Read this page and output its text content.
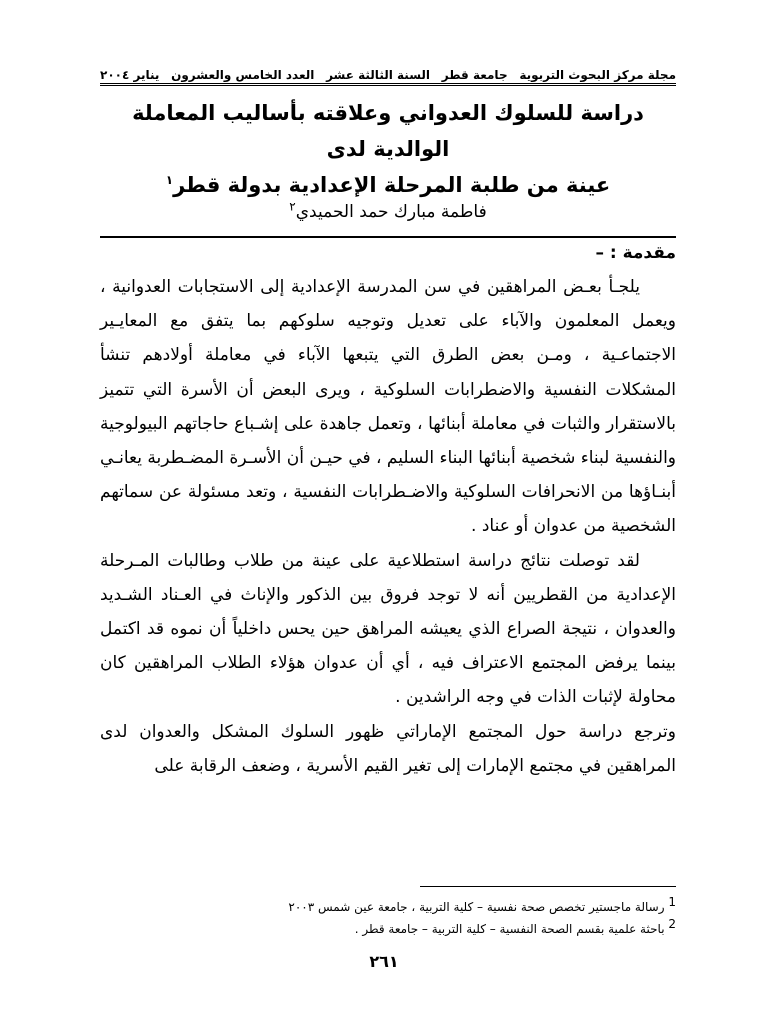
مجلة مركز البحوث التربوية
جامعة قطر
السنة الثالثة عشر
العدد الخامس والعشرون
يناير ٢٠٠٤
دراسة للسلوك العدواني وعلاقته بأساليب المعاملة الوالدية لدى
عينة من طلبة المرحلة الإعدادية بدولة قطر$^١$
فاطمة مبارك حمد الحميدي$^٢$
مقدمة : –

يلجـأ بعـض المراهقين في سن المدرسة الإعدادية إلى الاستجابات العدوانية ، ويعمل المعلمون والآباء على تعديل وتوجيه سلوكهم بما يتفق مع المعايـير الاجتماعـية ، ومـن بعض الطرق التي يتبعها الآباء في معاملة أولادهم تنشأ المشكلات النفسية والاضطرابات السلوكية ، ويرى البعض أن الأسرة التي تتميز بالاستقرار والثبات في معاملة أبنائها ، وتعمل جاهدة على إشـباع حاجاتهم البيولوجية والنفسية لبناء شخصية أبنائها البناء السليم ، في حيـن أن الأسـرة المضـطربة يعانـي أبنـاؤها من الانحرافات السلوكية والاضـطرابات النفسية ، وتعد مسئولة عن سماتهم الشخصية من عدوان أو عناد .

لقد توصلت نتائج دراسة استطلاعية على عينة من طلاب وطالبات المـرحلة الإعدادية من القطريين أنه لا توجد فروق بين الذكور والإناث في العـناد الشـديد والعدوان ، نتيجة الصراع الذي يعيشه المراهق حين يحس داخلياً أن نموه قد اكتمل بينما يرفض المجتمع الاعتراف فيه ، أي أن عدوان هؤلاء الطلاب المراهقين كان محاولة لإثبات الذات في وجه الراشدين .

وترجع دراسة حول المجتمع الإماراتي ظهور السلوك المشكل والعدوان لدى المراهقين في مجتمع الإمارات إلى تغير القيم الأسرية ، وضعف الرقابة على

1 رسالة ماجستير تخصص صحة نفسية – كلية التربية ، جامعة عين شمس ٢٠٠٣
2 باحثة علمية بقسم الصحة النفسية – كلية التربية – جامعة قطر .
٢٦١
